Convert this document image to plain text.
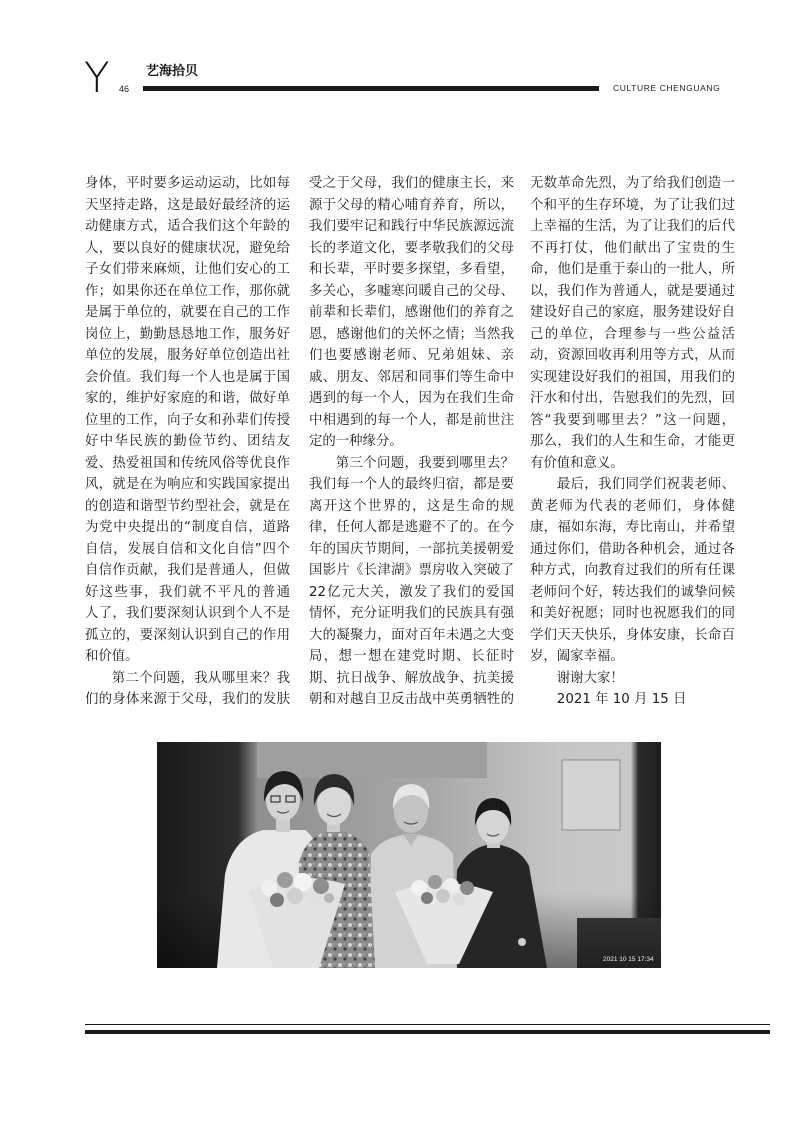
Y 46
艺海拾贝
CULTURE CHENGUANG
身体，平时要多运动运动，比如每
天坚持走路，这是最好最经济的运
动健康方式，适合我们这个年龄的
人，要以良好的健康状况，避免给
子女们带来麻烦，让他们安心的工
作；如果你还在单位工作，那你就
是属于单位的，就要在自己的工作
岗位上，勤勤恳恳地工作，服务好
单位的发展，服务好单位创造出社
会价值。我们每一个人也是属于国
家的，维护好家庭的和谐，做好单
位里的工作，向子女和孙辈们传授
好中华民族的勤俭节约、团结友
爱、热爱祖国和传统风俗等优良作
风，就是在为响应和实践国家提出
的创造和谐型节约型社会，就是在
为党中央提出的“制度自信，道路
自信，发展自信和文化自信”四个
自信作贡献，我们是普通人，但做
好这些事，我们就不平凡的普通
人了，我们要深刻认识到个人不是
孤立的，要深刻认识到自己的作用
和价值。
第二个问题，我从哪里来？我
们的身体来源于父母，我们的发肤
受之于父母，我们的健康主长，来
源于父母的精心哺育养育，所以，
我们要牢记和践行中华民族源远流
长的孝道文化，要孝敬我们的父母
和长辈，平时要多探望，多看望，
多关心，多嘘寒问暖自己的父母、
前辈和长辈们，感谢他们的养育之
恩，感谢他们的关怀之情；当然我
们也要感谢老师、兄弟姐妹、亲
戚、朋友、邻居和同事们等生命中
遇到的每一个人，因为在我们生命
中相遇到的每一个人，都是前世注
定的一种缘分。
第三个问题，我要到哪里去？
我们每一个人的最终归宿，都是要
离开这个世界的，这是生命的规
律，任何人都是逃避不了的。在今
年的国庆节期间，一部抗美援朝爱
国影片《长津湖》票房收入突破了
22亿元大关，激发了我们的爱国
情怀，充分证明我们的民族具有强
大的凝聚力，面对百年未遇之大变
局，想一想在建党时期、长征时
期、抗日战争、解放战争、抗美援
朝和对越自卫反击战中英勇牺牲的
无数革命先烈，为了给我们创造一
个和平的生存环境，为了让我们过
上幸福的生活，为了让我们的后代
不再打仗，他们献出了宝贵的生
命，他们是重于泰山的一批人，所
以，我们作为普通人，就是要通过
建设好自己的家庭，服务建设好自
己的单位，合理参与一些公益活
动，资源回收再利用等方式，从而
实现建设好我们的祖国，用我们的
汗水和付出，告慰我们的先烈，回
答“我要到哪里去？”这一问题，
那么，我们的人生和生命，才能更
有价值和意义。
最后，我们同学们祝裴老师、
黄老师为代表的老师们，身体健
康，福如东海，寿比南山，并希望
通过你们，借助各种机会，通过各
种方式，向教育过我们的所有任课
老师问个好，转达我们的诚挚问候
和美好祝愿；同时也祝愿我们的同
学们天天快乐，身体安康，长命百
岁，阖家幸福。
谢谢大家！
2021 年 10 月 15 日
2021 10 15 17:34
